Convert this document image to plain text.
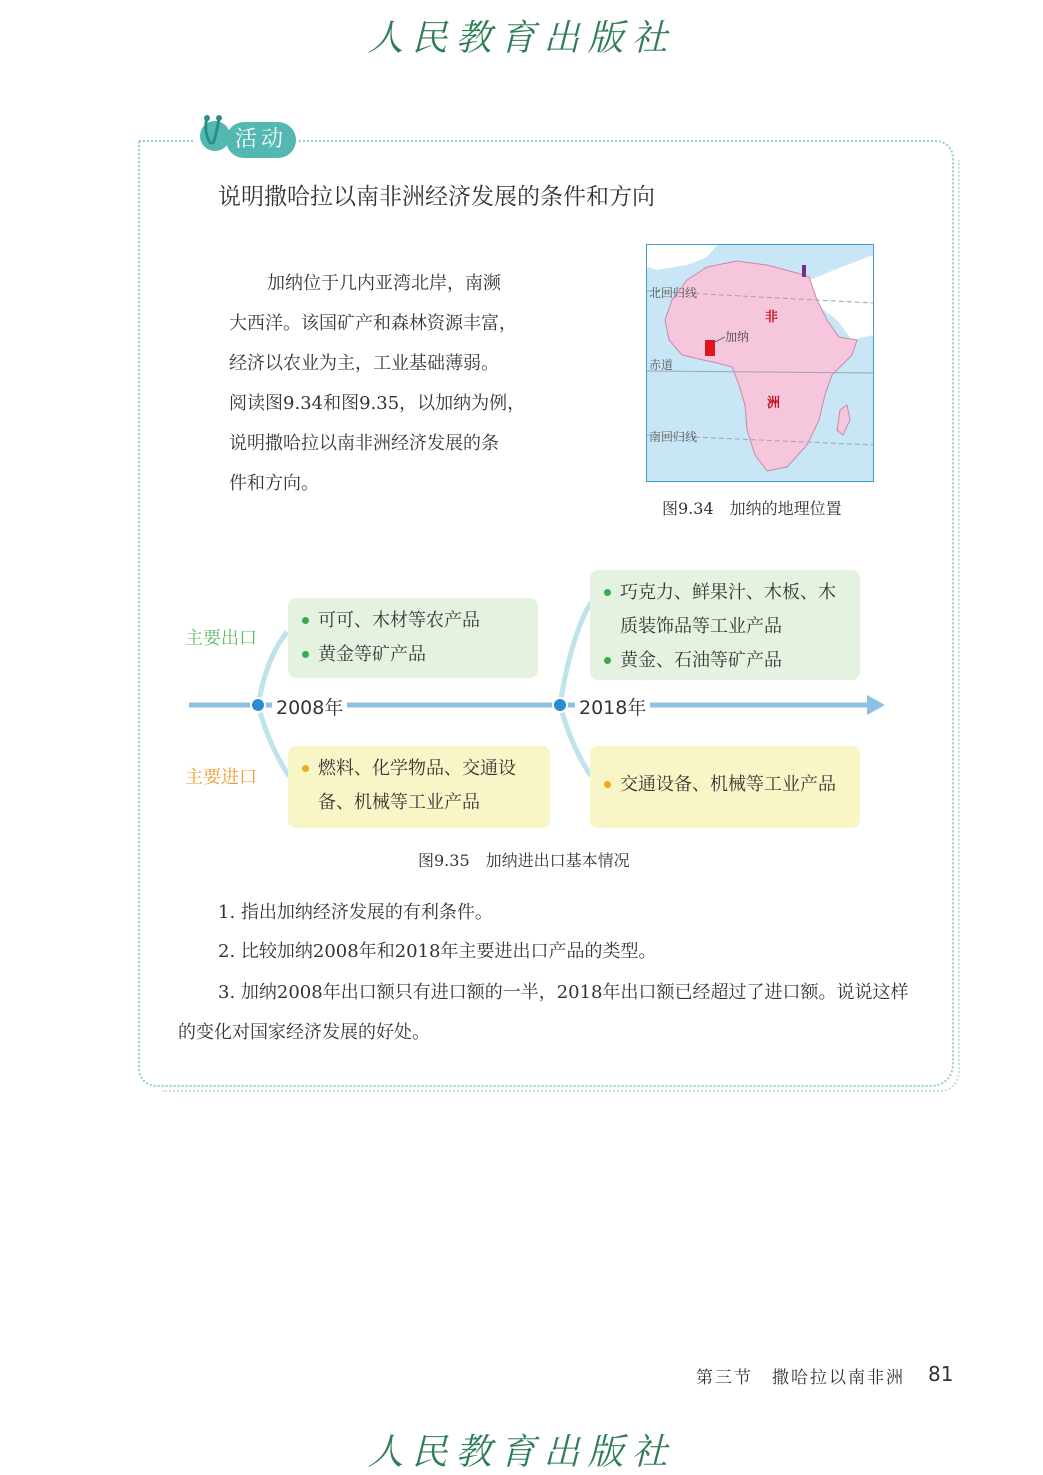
人民教育出版社
活动
说明撒哈拉以南非洲经济发展的条件和方向

加纳位于几内亚湾北岸，南濒

大西洋。该国矿产和森林资源丰富，

经济以农业为主，工业基础薄弱。

阅读图9.34和图9.35，以加纳为例，

说明撒哈拉以南非洲经济发展的条

件和方向。

北回归线
赤道
南回归线
加纳
非
洲
图9.34　加纳的地理位置
2008年	2018年
主要出口
主要进口
可可、木材等农产品
黄金等矿产品
巧克力、鲜果汁、木板、木质装饰品等工业产品
黄金、石油等矿产品
燃料、化学物品、交通设备、机械等工业产品
交通设备、机械等工业产品
图9.35　加纳进出口基本情况
1. 指出加纳经济发展的有利条件。
2. 比较加纳2008年和2018年主要进出口产品的类型。
3. 加纳2008年出口额只有进口额的一半，2018年出口额已经超过了进口额。说说这样的变化对国家经济发展的好处。
第三节　撒哈拉以南非洲 81
人民教育出版社
